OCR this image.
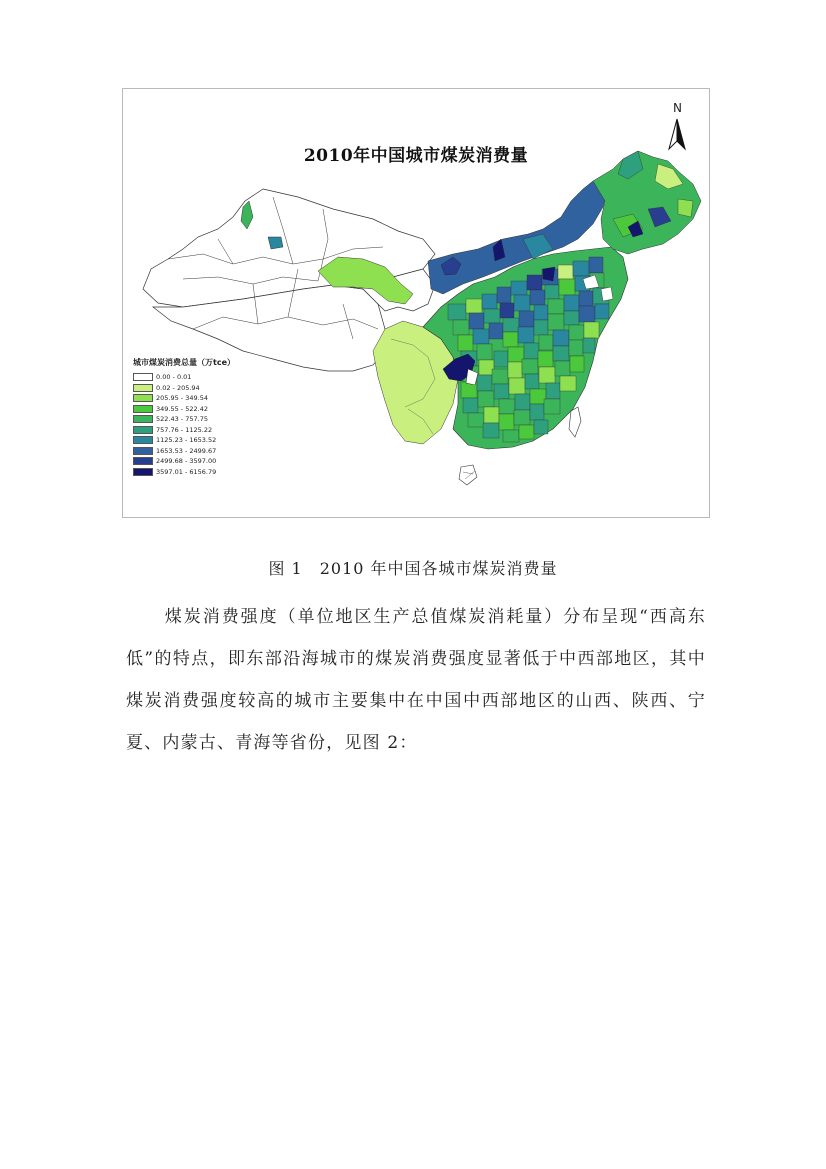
2010年中国城市煤炭消费量
N
城市煤炭消费总量（万tce）
0.00 - 0.01
0.02 - 205.94
205.95 - 349.54
349.55 - 522.42
522.43 - 757.75
757.76 - 1125.22
1125.23 - 1653.52
1653.53 - 2499.67
2499.68 - 3597.00
3597.01 - 6156.79
图 1　2010 年中国各城市煤炭消费量
煤炭消费强度（单位地区生产总值煤炭消耗量）分布呈现“西高东低”的特点，即东部沿海城市的煤炭消费强度显著低于中西部地区，其中煤炭消费强度较高的城市主要集中在中国中西部地区的山西、陕西、宁夏、内蒙古、青海等省份，见图 2：
